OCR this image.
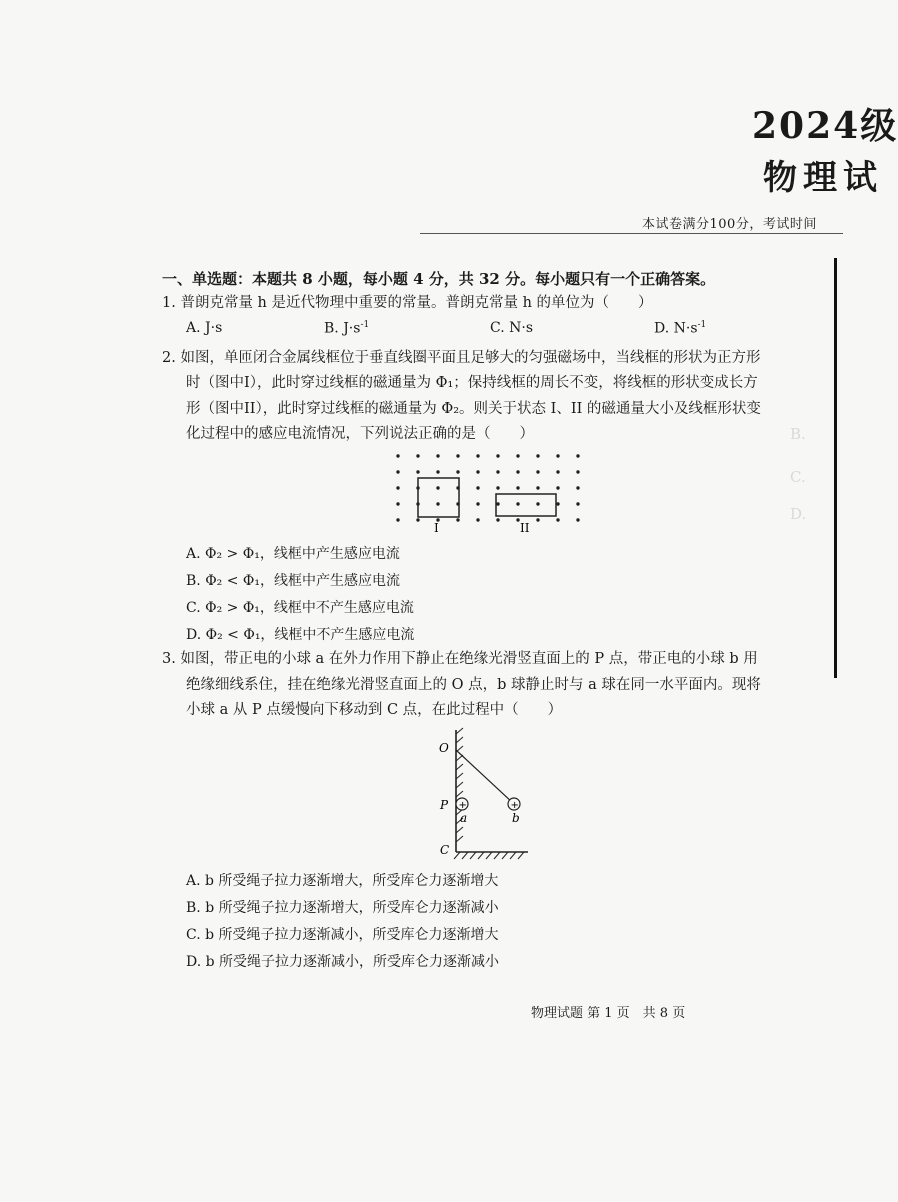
B.
C.
D.
2024级
物理试
本试卷满分100分，考试时间
一、单选题：本题共 8 小题，每小题 4 分，共 32 分。每小题只有一个正确答案。
1. 普朗克常量 h 是近代物理中重要的常量。普朗克常量 h 的单位为（　　）
A. J·s	B. $J\cdot s^{-1}$	C. N·s	D. $N\cdot s^{-1}$
2. 如图，单匝闭合金属线框位于垂直线圈平面且足够大的匀强磁场中，当线框的形状为正方形
时（图中I），此时穿过线框的磁通量为 Φ₁；保持线框的周长不变，将线框的形状变成长方
形（图中II），此时穿过线框的磁通量为 Φ₂。则关于状态 I、II 的磁通量大小及线框形状变
化过程中的感应电流情况，下列说法正确的是（　　）
I	II
A. Φ₂ > Φ₁，线框中产生感应电流
B. Φ₂ < Φ₁，线框中产生感应电流
C. Φ₂ > Φ₁，线框中不产生感应电流
D. Φ₂ < Φ₁，线框中不产生感应电流
3. 如图，带正电的小球 a 在外力作用下静止在绝缘光滑竖直面上的 P 点，带正电的小球 b 用
绝缘细线系住，挂在绝缘光滑竖直面上的 O 点，b 球静止时与 a 球在同一水平面内。现将
小球 a 从 P 点缓慢向下移动到 C 点，在此过程中（　　）
+	+
O
P
C
a	b
A. b 所受绳子拉力逐渐增大，所受库仑力逐渐增大
B. b 所受绳子拉力逐渐增大，所受库仑力逐渐减小
C. b 所受绳子拉力逐渐减小，所受库仑力逐渐增大
D. b 所受绳子拉力逐渐减小，所受库仑力逐渐减小
物理试题 第 1 页　共 8 页
